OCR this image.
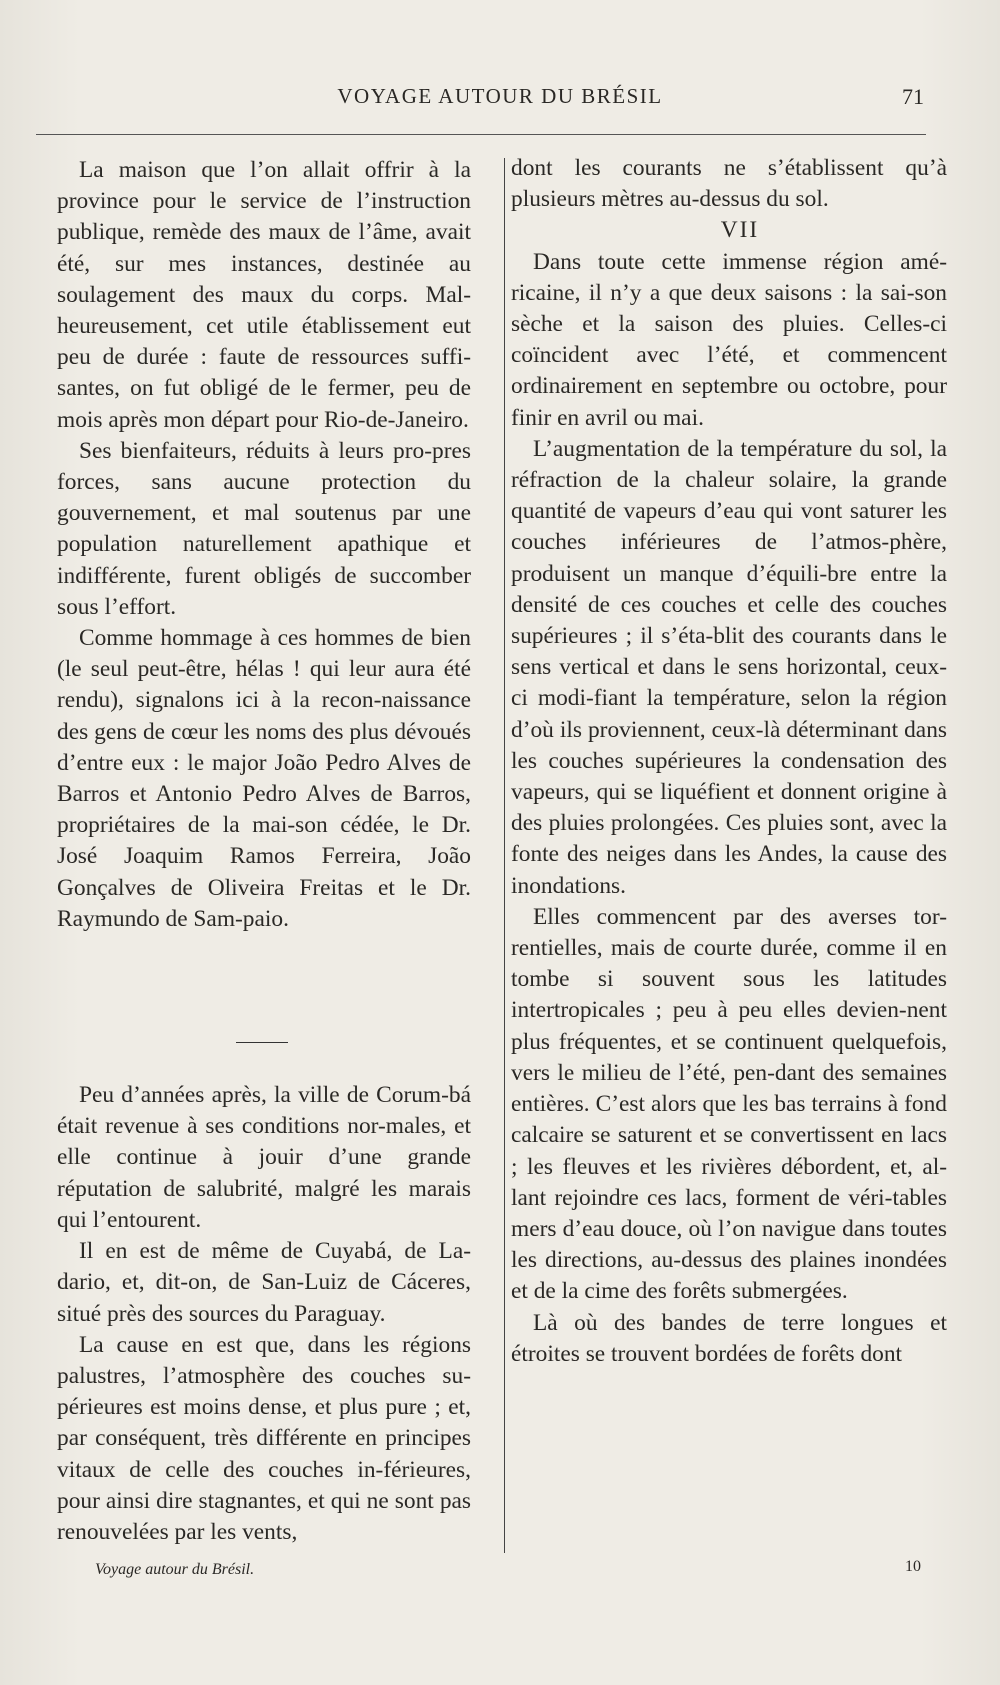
VOYAGE AUTOUR DU BRÉSIL	71

La maison que l’on allait offrir à la province pour le service de l’instruction publique, remède des maux de l’âme, avait été, sur mes instances, destinée au soulagement des maux du corps. Mal-heureusement, cet utile établissement eut peu de durée : faute de ressources suffi-santes, on fut obligé de le fermer, peu de mois après mon départ pour Rio-de-Janeiro.

Ses bienfaiteurs, réduits à leurs pro-pres forces, sans aucune protection du gouvernement, et mal soutenus par une population naturellement apathique et indifférente, furent obligés de succomber sous l’effort.

Comme hommage à ces hommes de bien (le seul peut-être, hélas ! qui leur aura été rendu), signalons ici à la recon-naissance des gens de cœur les noms des plus dévoués d’entre eux : le major João Pedro Alves de Barros et Antonio Pedro Alves de Barros, propriétaires de la mai-son cédée, le Dr. José Joaquim Ramos Ferreira, João Gonçalves de Oliveira Freitas et le Dr. Raymundo de Sam-paio.

Peu d’années après, la ville de Corum-bá était revenue à ses conditions nor-males, et elle continue à jouir d’une grande réputation de salubrité, malgré les marais qui l’entourent.

Il en est de même de Cuyabá, de La-dario, et, dit-on, de San-Luiz de Cáceres, situé près des sources du Paraguay.

La cause en est que, dans les régions palustres, l’atmosphère des couches su-périeures est moins dense, et plus pure ; et, par conséquent, très différente en principes vitaux de celle des couches in-férieures, pour ainsi dire stagnantes, et qui ne sont pas renouvelées par les vents,

dont les courants ne s’établissent qu’à plusieurs mètres au-dessus du sol.

VII

Dans toute cette immense région amé-ricaine, il n’y a que deux saisons : la sai-son sèche et la saison des pluies. Celles-ci coïncident avec l’été, et commencent ordinairement en septembre ou octobre, pour finir en avril ou mai.

L’augmentation de la température du sol, la réfraction de la chaleur solaire, la grande quantité de vapeurs d’eau qui vont saturer les couches inférieures de l’atmos-phère, produisent un manque d’équili-bre entre la densité de ces couches et celle des couches supérieures ; il s’éta-blit des courants dans le sens vertical et dans le sens horizontal, ceux-ci modi-fiant la température, selon la région d’où ils proviennent, ceux-là déterminant dans les couches supérieures la condensation des vapeurs, qui se liquéfient et donnent origine à des pluies prolongées. Ces pluies sont, avec la fonte des neiges dans les Andes, la cause des inondations.

Elles commencent par des averses tor-rentielles, mais de courte durée, comme il en tombe si souvent sous les latitudes intertropicales ; peu à peu elles devien-nent plus fréquentes, et se continuent quelquefois, vers le milieu de l’été, pen-dant des semaines entières. C’est alors que les bas terrains à fond calcaire se saturent et se convertissent en lacs ; les fleuves et les rivières débordent, et, al-lant rejoindre ces lacs, forment de véri-tables mers d’eau douce, où l’on navigue dans toutes les directions, au-dessus des plaines inondées et de la cime des forêts submergées.

Là où des bandes de terre longues et étroites se trouvent bordées de forêts dont

Voyage autour du Brésil.	10
